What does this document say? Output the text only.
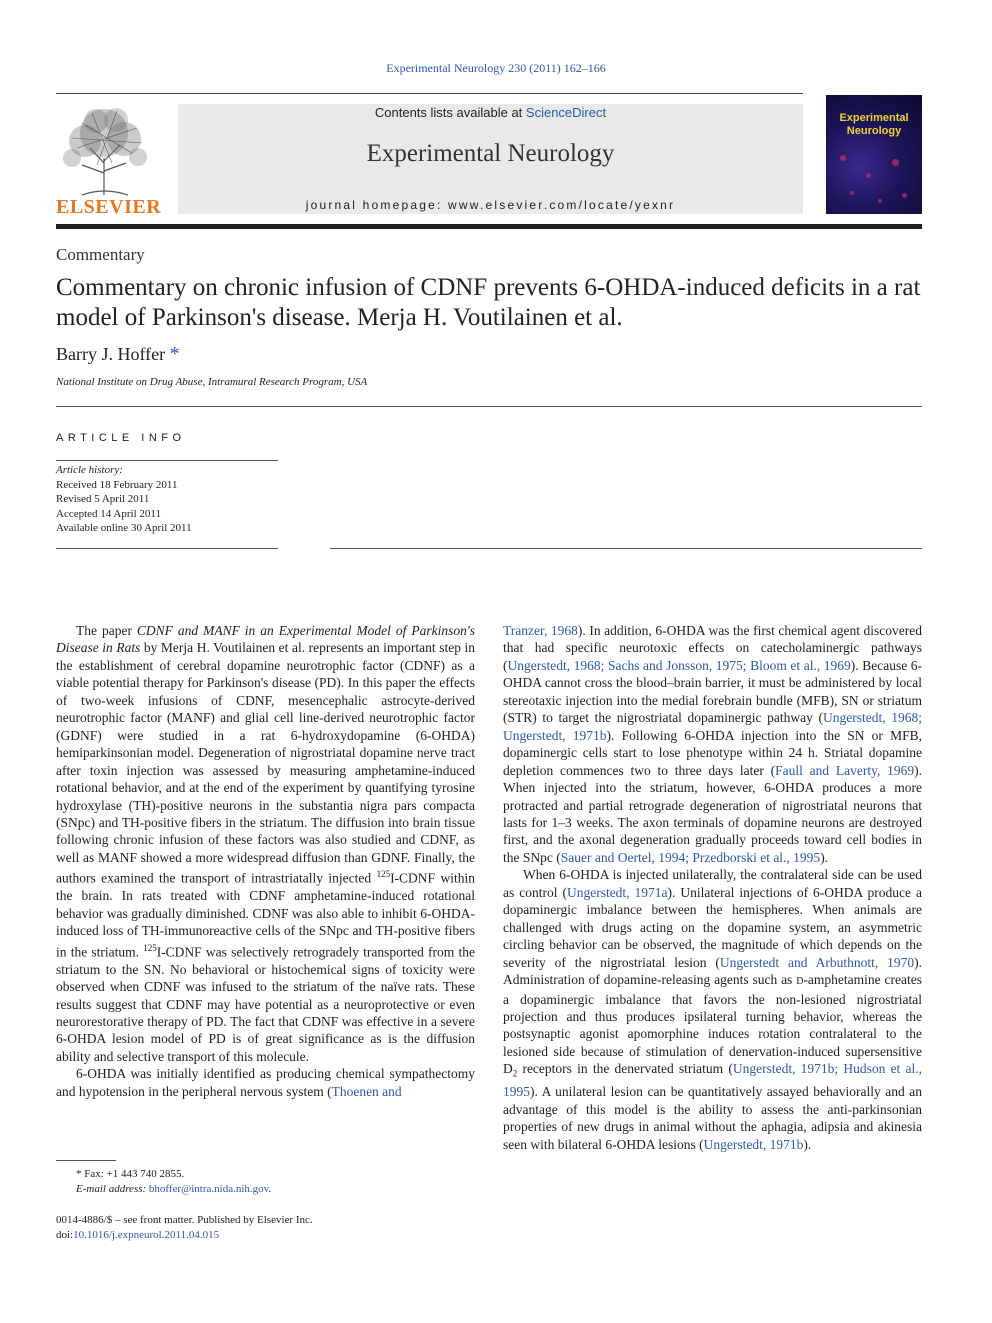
Experimental Neurology 230 (2011) 162–166
ELSEVIER
Contents lists available at ScienceDirect
Experimental Neurology
journal homepage: www.elsevier.com/locate/yexnr
Experimental Neurology
Commentary
Commentary on chronic infusion of CDNF prevents 6-OHDA-induced deficits in a rat model of Parkinson's disease. Merja H. Voutilainen et al.
Barry J. Hoffer *
National Institute on Drug Abuse, Intramural Research Program, USA
ARTICLE INFO
Article history:
Received 18 February 2011
Revised 5 April 2011
Accepted 14 April 2011
Available online 30 April 2011

The paper CDNF and MANF in an Experimental Model of Parkinson's Disease in Rats by Merja H. Voutilainen et al. represents an important step in the establishment of cerebral dopamine neurotrophic factor (CDNF) as a viable potential therapy for Parkinson's disease (PD). In this paper the effects of two-week infusions of CDNF, mesencephalic astrocyte-derived neurotrophic factor (MANF) and glial cell line-derived neurotrophic factor (GDNF) were studied in a rat 6-hydroxydopamine (6-OHDA) hemiparkinsonian model. Degeneration of nigrostriatal dopamine nerve tract after toxin injection was assessed by measuring amphetamine-induced rotational behavior, and at the end of the experiment by quantifying tyrosine hydroxylase (TH)-positive neurons in the substantia nigra pars compacta (SNpc) and TH-positive fibers in the striatum. The diffusion into brain tissue following chronic infusion of these factors was also studied and CDNF, as well as MANF showed a more widespread diffusion than GDNF. Finally, the authors examined the transport of intrastriatally injected $^{125}$I-CDNF within the brain. In rats treated with CDNF amphetamine-induced rotational behavior was gradually diminished. CDNF was also able to inhibit 6-OHDA-induced loss of TH-immunoreactive cells of the SNpc and TH-positive fibers in the striatum. $^{125}$I-CDNF was selectively retrogradely transported from the striatum to the SN. No behavioral or histochemical signs of toxicity were observed when CDNF was infused to the striatum of the naïve rats. These results suggest that CDNF may have potential as a neuroprotective or even neurorestorative therapy of PD. The fact that CDNF was effective in a severe 6-OHDA lesion model of PD is of great significance as is the diffusion ability and selective transport of this molecule.

6-OHDA was initially identified as producing chemical sympathectomy and hypotension in the peripheral nervous system (Thoenen and

Tranzer, 1968). In addition, 6-OHDA was the first chemical agent discovered that had specific neurotoxic effects on catecholaminergic pathways (Ungerstedt, 1968; Sachs and Jonsson, 1975; Bloom et al., 1969). Because 6-OHDA cannot cross the blood–brain barrier, it must be administered by local stereotaxic injection into the medial forebrain bundle (MFB), SN or striatum (STR) to target the nigrostriatal dopaminergic pathway (Ungerstedt, 1968; Ungerstedt, 1971b). Following 6-OHDA injection into the SN or MFB, dopaminergic cells start to lose phenotype within 24 h. Striatal dopamine depletion commences two to three days later (Faull and Laverty, 1969). When injected into the striatum, however, 6-OHDA produces a more protracted and partial retrograde degeneration of nigrostriatal neurons that lasts for 1–3 weeks. The axon terminals of dopamine neurons are destroyed first, and the axonal degeneration gradually proceeds toward cell bodies in the SNpc (Sauer and Oertel, 1994; Przedborski et al., 1995).

When 6-OHDA is injected unilaterally, the contralateral side can be used as control (Ungerstedt, 1971a). Unilateral injections of 6-OHDA produce a dopaminergic imbalance between the hemispheres. When animals are challenged with drugs acting on the dopamine system, an asymmetric circling behavior can be observed, the magnitude of which depends on the severity of the nigrostriatal lesion (Ungerstedt and Arbuthnott, 1970). Administration of dopamine-releasing agents such as D-amphetamine creates a dopaminergic imbalance that favors the non-lesioned nigrostriatal projection and thus produces ipsilateral turning behavior, whereas the postsynaptic agonist apomorphine induces rotation contralateral to the lesioned side because of stimulation of denervation-induced supersensitive $D_2$ receptors in the denervated striatum (Ungerstedt, 1971b; Hudson et al., 1995). A unilateral lesion can be quantitatively assayed behaviorally and an advantage of this model is the ability to assess the anti-parkinsonian properties of new drugs in animal without the aphagia, adipsia and akinesia seen with bilateral 6-OHDA lesions (Ungerstedt, 1971b).

* Fax: +1 443 740 2855.
E-mail address: bhoffer@intra.nida.nih.gov.
0014-4886/$ – see front matter. Published by Elsevier Inc.
doi:10.1016/j.expneurol.2011.04.015
